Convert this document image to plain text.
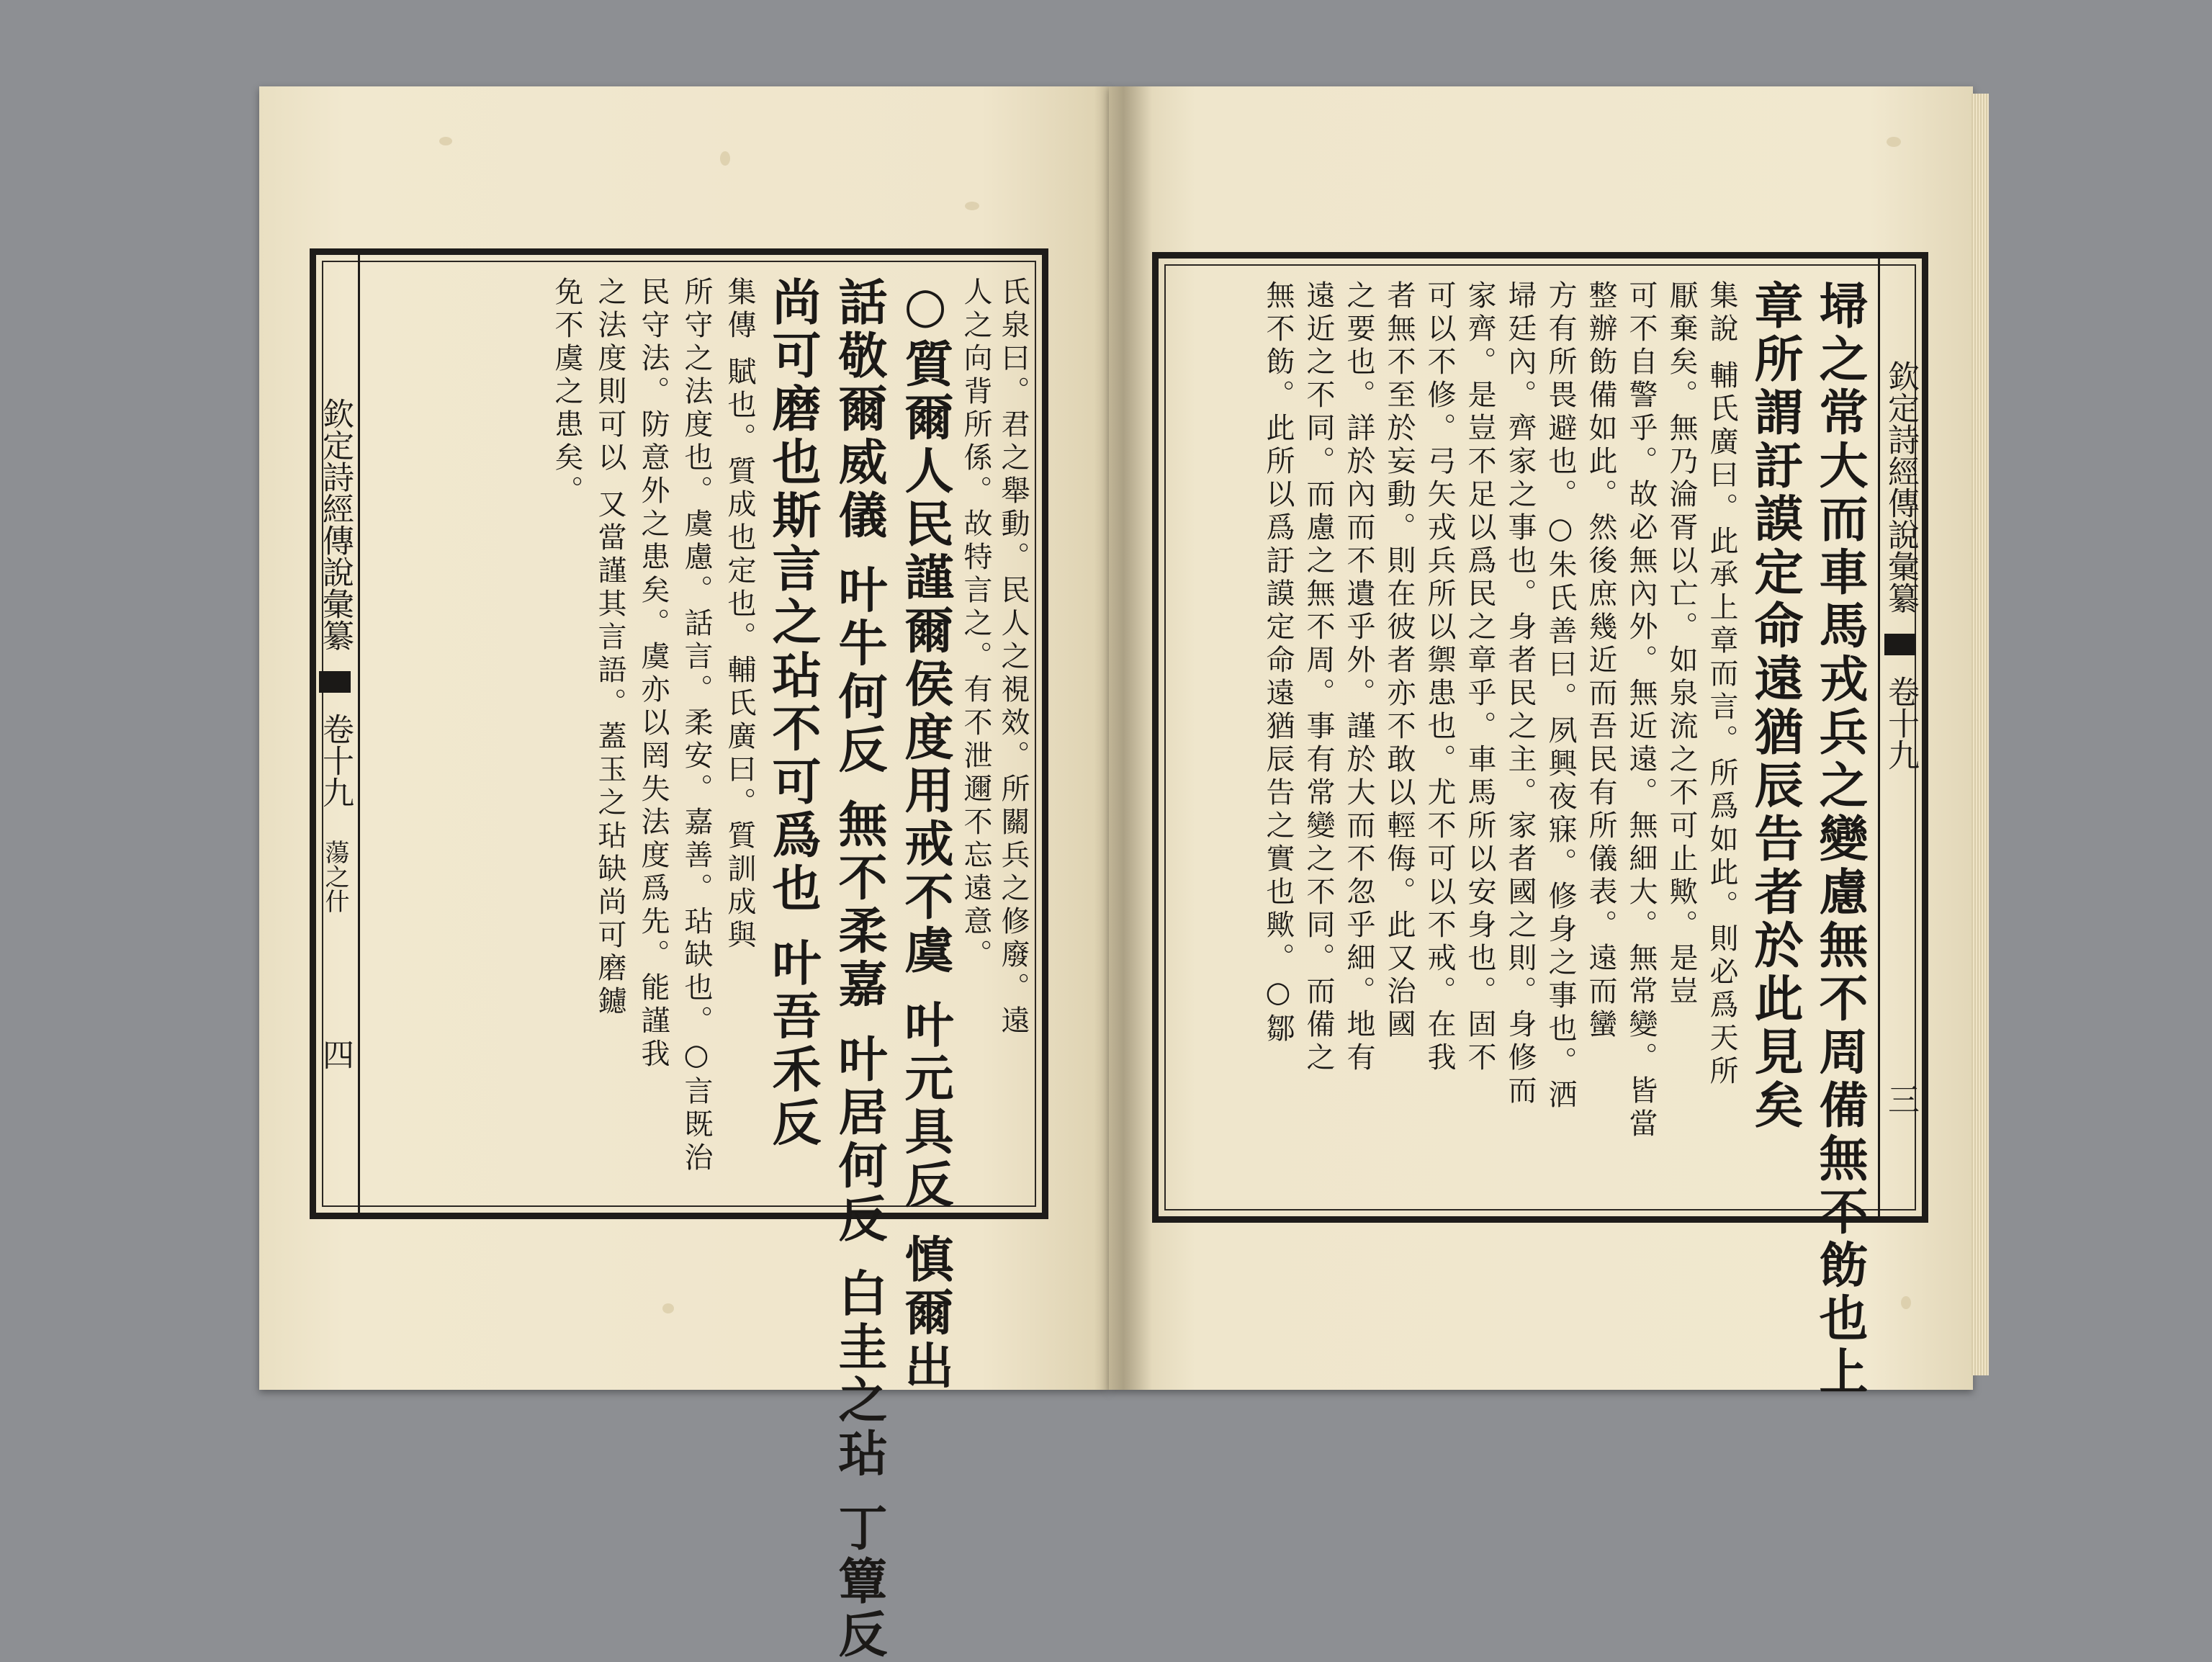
欽定詩經傳說彙纂  卷十九 蕩之什 四
氏泉曰。君之舉動。民人之視效。所關兵之修廢。遠
人之向背所係。故特言之。有不泄邇不忘遠意。
○質爾人民謹爾侯度用戒不虞 叶元具反 慎爾出
話敬爾威儀 叶牛何反 無不柔嘉 叶居何反 白圭之玷 丁簟反
尚可磨也斯言之玷不可爲也 叶吾禾反
集傳 賦也。質成也定也。輔氏廣曰。質訓成與
所守之法度也。虞慮。話言。柔安。嘉善。玷缺也。○言既治
民守法。防意外之患矣。虞亦以罔失法度爲先。能謹我
之法度則可以 又當謹其言語。蓋玉之玷缺尚可磨鑢
免不虞之患矣。	欽定詩經傳說彙纂  卷十九 三
埽之常大而車馬戎兵之變慮無不周備無不飭也上
章所謂訏謨定命遠猶辰告者於此見矣
集說 輔氏廣曰。此承上章而言。所爲如此。則必爲天所
厭棄矣。無乃淪胥以亡。如泉流之不可止歟。是豈
可不自警乎。故必無內外。無近遠。無細大。無常變。皆當
整辦飭備如此。然後庶幾近而吾民有所儀表。遠而蠻
方有所畏避也。○朱氏善曰。夙興夜寐。修身之事也。洒
埽廷內。齊家之事也。身者民之主。家者國之則。身修而
家齊。是豈不足以爲民之章乎。車馬所以安身也。固不
可以不修。弓矢戎兵所以禦患也。尤不可以不戒。在我
者無不至於妄動。則在彼者亦不敢以輕侮。此又治國
之要也。詳於內而不遺乎外。謹於大而不忽乎細。地有
遠近之不同。而慮之無不周。事有常變之不同。而備之
無不飭。此所以爲訏謨定命遠猶辰告之實也歟。○鄒
